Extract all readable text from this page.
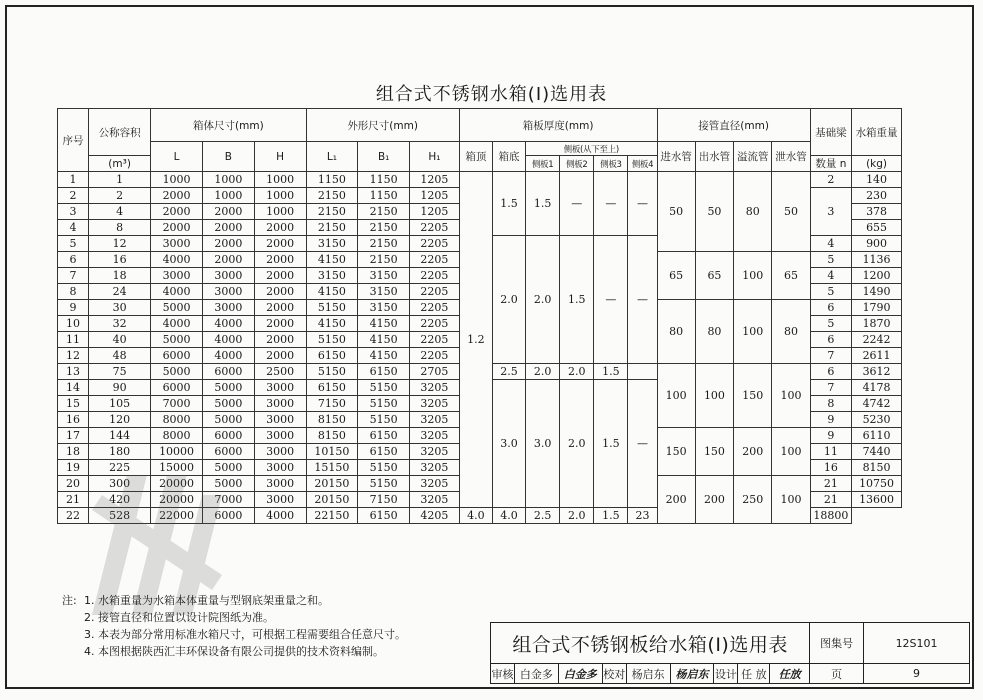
组合式不锈钢水箱(Ⅰ)选用表
序号	公称容积	箱体尺寸(mm)			外形尺寸(mm)			箱板厚度(mm)						接管直径(mm)				基础梁	水箱重量
		L	B	H	L₁	B₁	H₁	箱顶	箱底	侧板(从下至上)				进水管	出水管	溢流管	泄水管		
	(m³)									侧板1	侧板2	侧板3	侧板4					数量 n	(kg)
1	1	1000	1000	1000	1150	1150	1205	1.2	1.5	1.5	—	—	—	50	50	80	50	2	140
2	2	2000	1000	1000	2150	1150	1205											3	230
3	4	2000	2000	1000	2150	2150	1205												378
4	8	2000	2000	2000	2150	2150	2205												655
5	12	3000	2000	2000	3150	2150	2205		2.0	2.0	1.5	—	—					4	900
6	16	4000	2000	2000	4150	2150	2205							65	65	100	65	5	1136
7	18	3000	3000	2000	3150	3150	2205											4	1200
8	24	4000	3000	2000	4150	3150	2205											5	1490
9	30	5000	3000	2000	5150	3150	2205							80	80	100	80	6	1790
10	32	4000	4000	2000	4150	4150	2205											5	1870
11	40	5000	4000	2000	5150	4150	2205											6	2242
12	48	6000	4000	2000	6150	4150	2205											7	2611
13	75	5000	6000	2500	5150	6150	2705		2.5	2.0	2.0	1.5		100	100	150	100	6	3612
14	90	6000	5000	3000	6150	5150	3205		3.0	3.0	2.0	1.5	—					7	4178
15	105	7000	5000	3000	7150	5150	3205											8	4742
16	120	8000	5000	3000	8150	5150	3205											9	5230
17	144	8000	6000	3000	8150	6150	3205							150	150	200	100	9	6110
18	180	10000	6000	3000	10150	6150	3205											11	7440
19	225	15000	5000	3000	15150	5150	3205											16	8150
20	300	20000	5000	3000	20150	5150	3205							200	200	250	100	21	10750
21	420	20000	7000	3000	20150	7150	3205											21	13600
22	528	22000	6000	4000	22150	6150	4205	4.0	4.0	2.5	2.0	1.5	23					18800	
注: 1. 水箱重量为水箱本体重量与型钢底架重量之和。
2. 接管直径和位置以设计院图纸为准。
3. 本表为部分常用标准水箱尺寸，可根据工程需要组合任意尺寸。
4. 本图根据陕西汇丰环保设备有限公司提供的技术资料编制。	组合式不锈钢板给水箱(Ⅰ)选用表									图集号	12S101
审核	白金多	白金多	校对	杨启东	杨启东	设计	任 放	任放	页	9
